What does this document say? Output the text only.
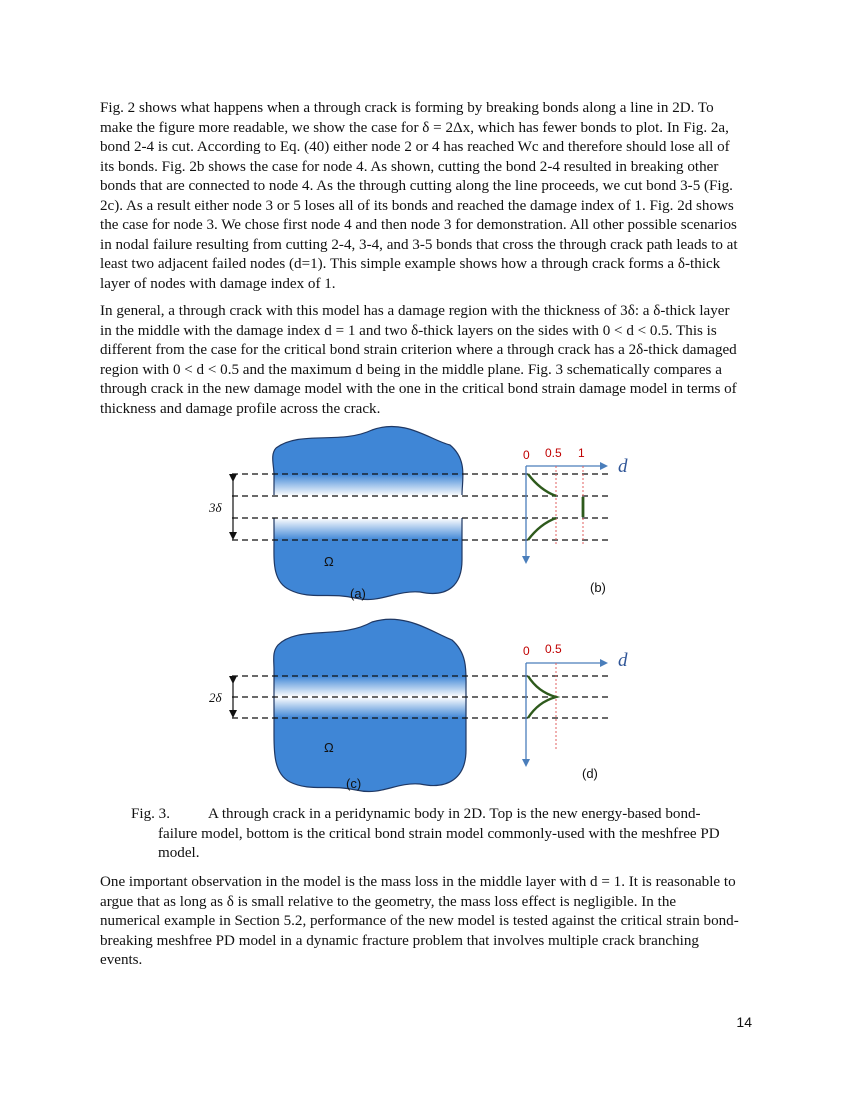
Fig. 2 shows what happens when a through crack is forming by breaking bonds along a line in 2D. To
make the figure more readable, we show the case for δ = 2Δx, which has fewer bonds to plot. In Fig. 2a,
bond 2-4 is cut. According to Eq. (40) either node 2 or 4 has reached Wc and therefore should lose all of
its bonds. Fig. 2b shows the case for node 4. As shown, cutting the bond 2-4 resulted in breaking other
bonds that are connected to node 4. As the through cutting along the line proceeds, we cut bond 3-5 (Fig.
2c). As a result either node 3 or 5 loses all of its bonds and reached the damage index of 1. Fig. 2d shows
the case for node 3. We chose first node 4 and then node 3 for demonstration. All other possible scenarios
in nodal failure resulting from cutting 2-4, 3-4, and 3-5 bonds that cross the through crack path leads to at
least two adjacent failed nodes (d=1). This simple example shows how a through crack forms a δ-thick
layer of nodes with damage index of 1.
In general, a through crack with this model has a damage region with the thickness of 3δ: a δ-thick layer
in the middle with the damage index d = 1 and two δ-thick layers on the sides with 0 < d < 0.5. This is
different from the case for the critical bond strain criterion where a through crack has a 2δ-thick damaged
region with 0 < d < 0.5 and the maximum d being in the middle plane. Fig. 3 schematically compares a
through crack in the new damage model with the one in the critical bond strain damage model in terms of
thickness and damage profile across the crack.
3δ
Ω
(a)
0 0.5 1
d
(b)
2δ
Ω
(c)
0 0.5
d
(d)
Fig. 3.	A through crack in a peridynamic body in 2D. Top is the new energy-based bond-
failure model, bottom is the critical bond strain model commonly-used with the meshfree PD
model.
One important observation in the model is the mass loss in the middle layer with d = 1. It is reasonable to
argue that as long as δ is small relative to the geometry, the mass loss effect is negligible. In the
numerical example in Section 5.2, performance of the new model is tested against the critical strain bond-
breaking meshfree PD model in a dynamic fracture problem that involves multiple crack branching
events.
14
